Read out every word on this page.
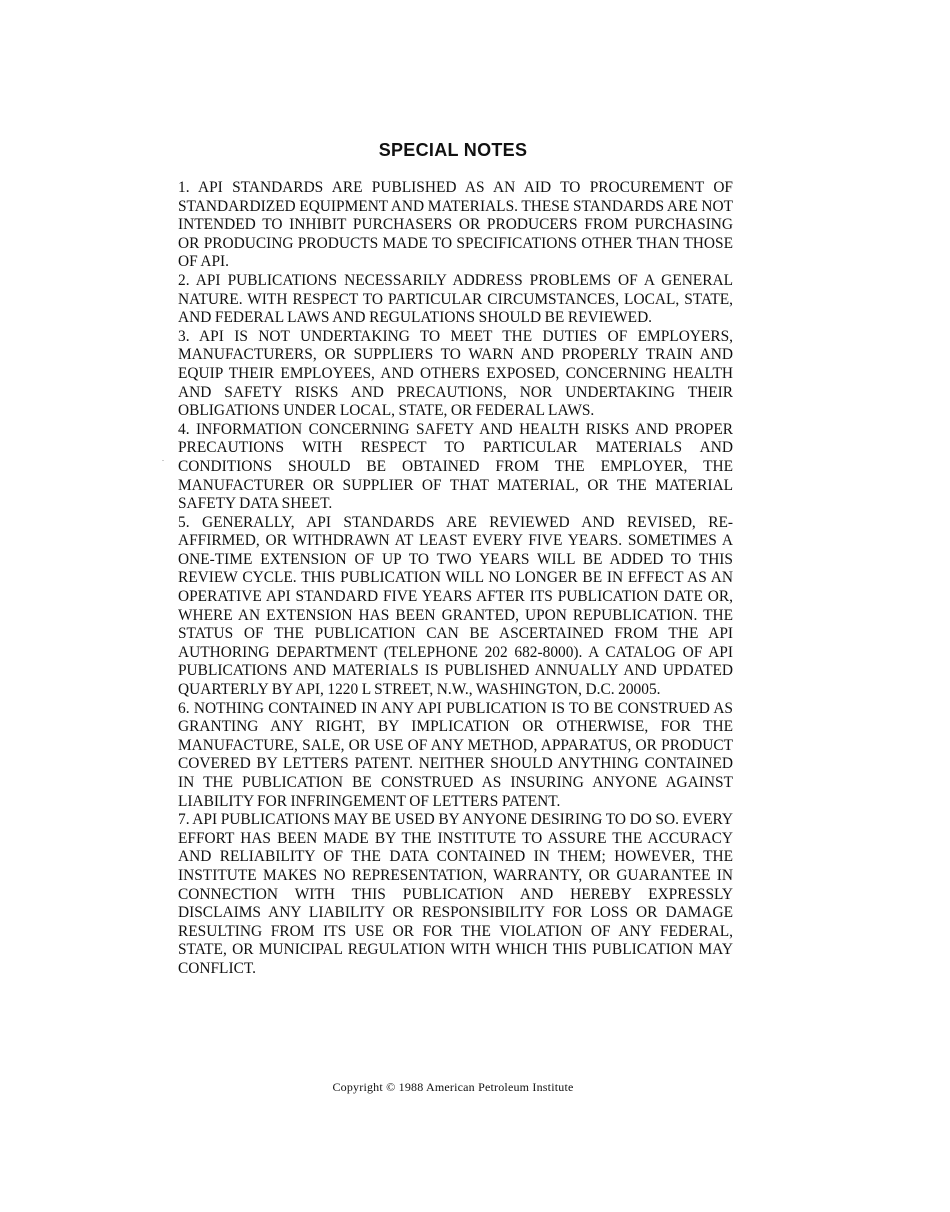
SPECIAL NOTES
1. API STANDARDS ARE PUBLISHED AS AN AID TO PROCUREMENT OF STANDARDIZED EQUIPMENT AND MATERIALS. THESE STANDARDS ARE NOT INTENDED TO INHIBIT PURCHASERS OR PRODUCERS FROM PURCHASING OR PRODUCING PRODUCTS MADE TO SPECIFICATIONS OTHER THAN THOSE OF API.
2. API PUBLICATIONS NECESSARILY ADDRESS PROBLEMS OF A GENERAL NATURE. WITH RESPECT TO PARTICULAR CIRCUMSTANCES, LOCAL, STATE, AND FEDERAL LAWS AND REGULATIONS SHOULD BE REVIEWED.
3. API IS NOT UNDERTAKING TO MEET THE DUTIES OF EMPLOYERS, MANUFACTURERS, OR SUPPLIERS TO WARN AND PROPERLY TRAIN AND EQUIP THEIR EMPLOYEES, AND OTHERS EXPOSED, CONCERNING HEALTH AND SAFETY RISKS AND PRECAUTIONS, NOR UNDERTAKING THEIR OBLIGATIONS UNDER LOCAL, STATE, OR FEDERAL LAWS.
4. INFORMATION CONCERNING SAFETY AND HEALTH RISKS AND PROPER PRECAUTIONS WITH RESPECT TO PARTICULAR MATERIALS AND CONDITIONS SHOULD BE OBTAINED FROM THE EMPLOYER, THE MANUFACTURER OR SUPPLIER OF THAT MATERIAL, OR THE MATERIAL SAFETY DATA SHEET.
5. GENERALLY, API STANDARDS ARE REVIEWED AND REVISED, REAFFIRMED, OR WITHDRAWN AT LEAST EVERY FIVE YEARS. SOMETIMES A ONE-TIME EXTENSION OF UP TO TWO YEARS WILL BE ADDED TO THIS REVIEW CYCLE. THIS PUBLICATION WILL NO LONGER BE IN EFFECT AS AN OPERATIVE API STANDARD FIVE YEARS AFTER ITS PUBLICATION DATE OR, WHERE AN EXTENSION HAS BEEN GRANTED, UPON REPUBLICATION. THE STATUS OF THE PUBLICATION CAN BE ASCERTAINED FROM THE API AUTHORING DEPARTMENT (TELEPHONE 202 682-8000). A CATALOG OF API PUBLICATIONS AND MATERIALS IS PUBLISHED ANNUALLY AND UPDATED QUARTERLY BY API, 1220 L STREET, N.W., WASHINGTON, D.C. 20005.
6. NOTHING CONTAINED IN ANY API PUBLICATION IS TO BE CONSTRUED AS GRANTING ANY RIGHT, BY IMPLICATION OR OTHERWISE, FOR THE MANUFACTURE, SALE, OR USE OF ANY METHOD, APPARATUS, OR PRODUCT COVERED BY LETTERS PATENT. NEITHER SHOULD ANYTHING CONTAINED IN THE PUBLICATION BE CONSTRUED AS INSURING ANYONE AGAINST LIABILITY FOR INFRINGEMENT OF LETTERS PATENT.
7. API PUBLICATIONS MAY BE USED BY ANYONE DESIRING TO DO SO. EVERY EFFORT HAS BEEN MADE BY THE INSTITUTE TO ASSURE THE ACCURACY AND RELIABILITY OF THE DATA CONTAINED IN THEM; HOWEVER, THE INSTITUTE MAKES NO REPRESENTATION, WARRANTY, OR GUARANTEE IN CONNECTION WITH THIS PUBLICATION AND HEREBY EXPRESSLY DISCLAIMS ANY LIABILITY OR RESPONSIBILITY FOR LOSS OR DAMAGE RESULTING FROM ITS USE OR FOR THE VIOLATION OF ANY FEDERAL, STATE, OR MUNICIPAL REGULATION WITH WHICH THIS PUBLICATION MAY CONFLICT.

Copyright © 1988 American Petroleum Institute
